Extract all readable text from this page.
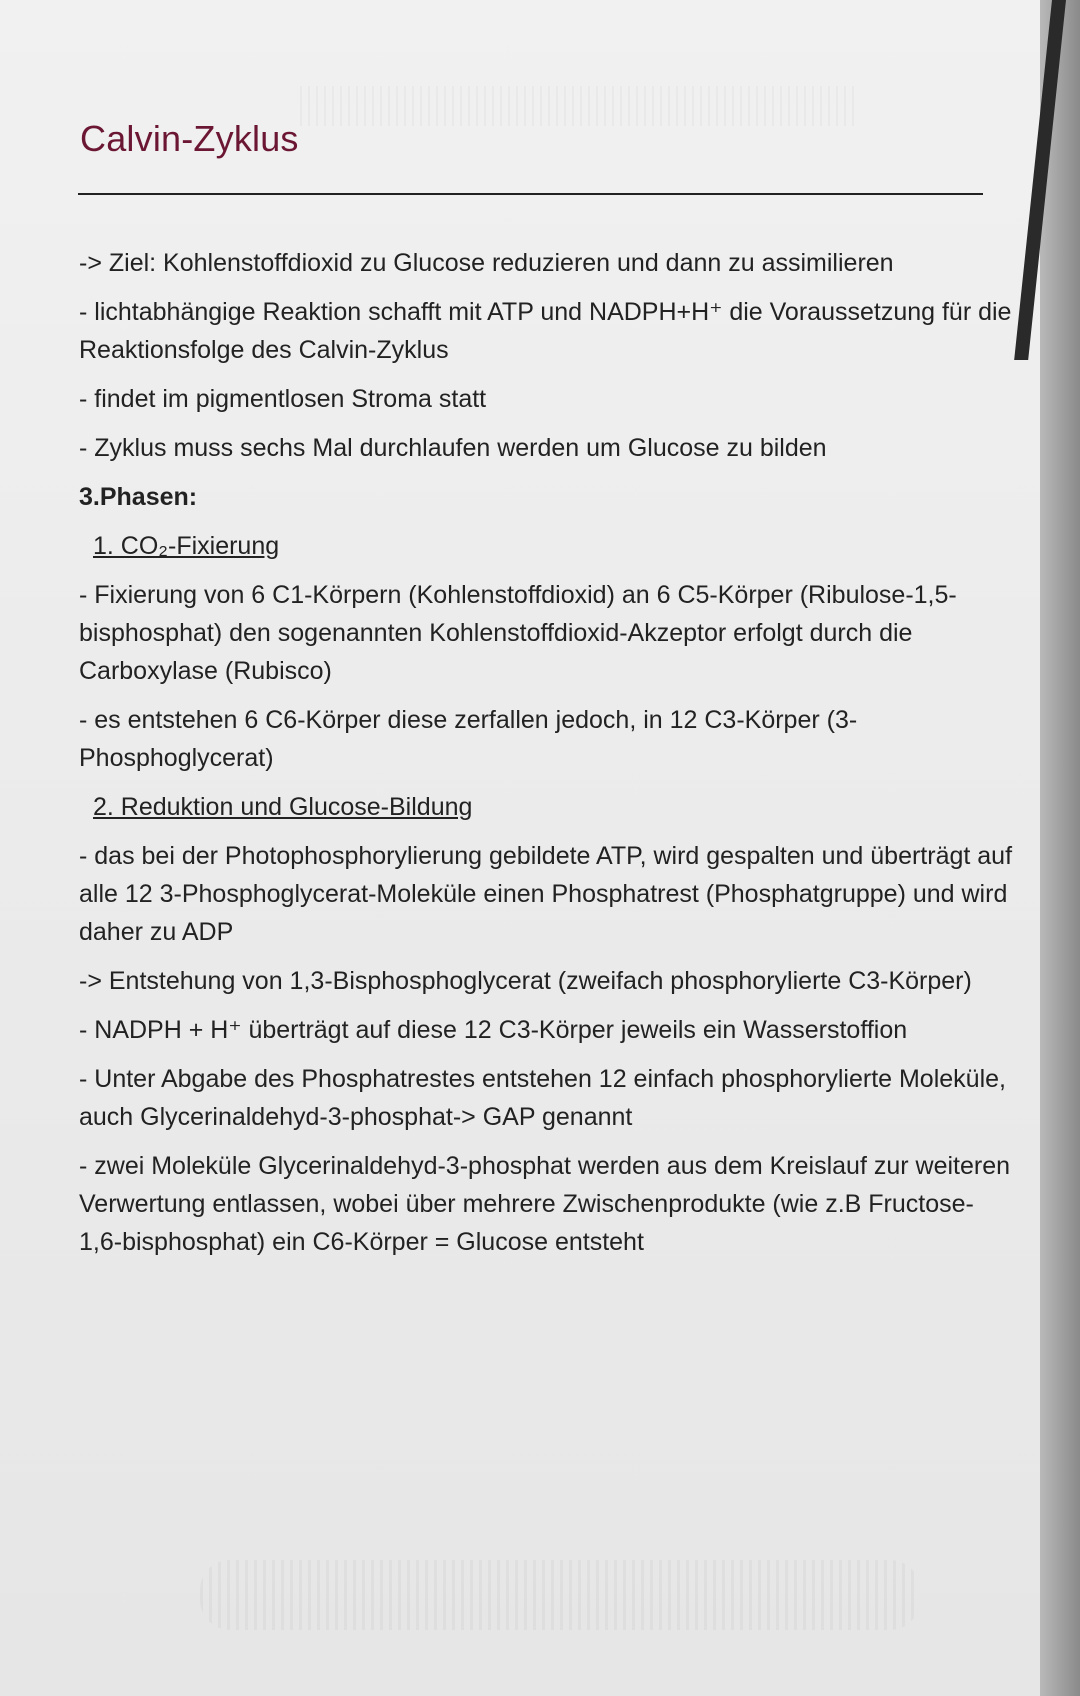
Calvin-Zyklus

-> Ziel: Kohlenstoffdioxid zu Glucose reduzieren und dann zu assimilieren

- lichtabhängige Reaktion schafft mit ATP und NADPH+H⁺ die Voraussetzung für die Reaktionsfolge des Calvin-Zyklus

- findet im pigmentlosen Stroma statt

- Zyklus muss sechs Mal durchlaufen werden um Glucose zu bilden

3.Phasen:

1. CO₂-Fixierung

- Fixierung von 6 C1-Körpern (Kohlenstoffdioxid) an 6 C5-Körper (Ribulose-1,5-bisphosphat) den sogenannten Kohlenstoffdioxid-Akzeptor erfolgt durch die Carboxylase (Rubisco)

- es entstehen 6 C6-Körper diese zerfallen jedoch, in 12 C3-Körper (3-Phosphoglycerat)

2. Reduktion und Glucose-Bildung

- das bei der Photophosphorylierung gebildete ATP, wird gespalten und überträgt auf alle 12 3-Phosphoglycerat-Moleküle einen Phosphatrest (Phosphatgruppe) und wird daher zu ADP

-> Entstehung von 1,3-Bisphosphoglycerat (zweifach phosphorylierte C3-Körper)

- NADPH + H⁺ überträgt auf diese 12 C3-Körper jeweils ein Wasserstoffion

- Unter Abgabe des Phosphatrestes entstehen 12 einfach phosphorylierte Moleküle, auch Glycerinaldehyd-3-phosphat-> GAP genannt

- zwei Moleküle Glycerinaldehyd-3-phosphat werden aus dem Kreislauf zur weiteren Verwertung entlassen, wobei über mehrere Zwischenprodukte (wie z.B Fructose-1,6-bisphosphat) ein C6-Körper = Glucose entsteht
